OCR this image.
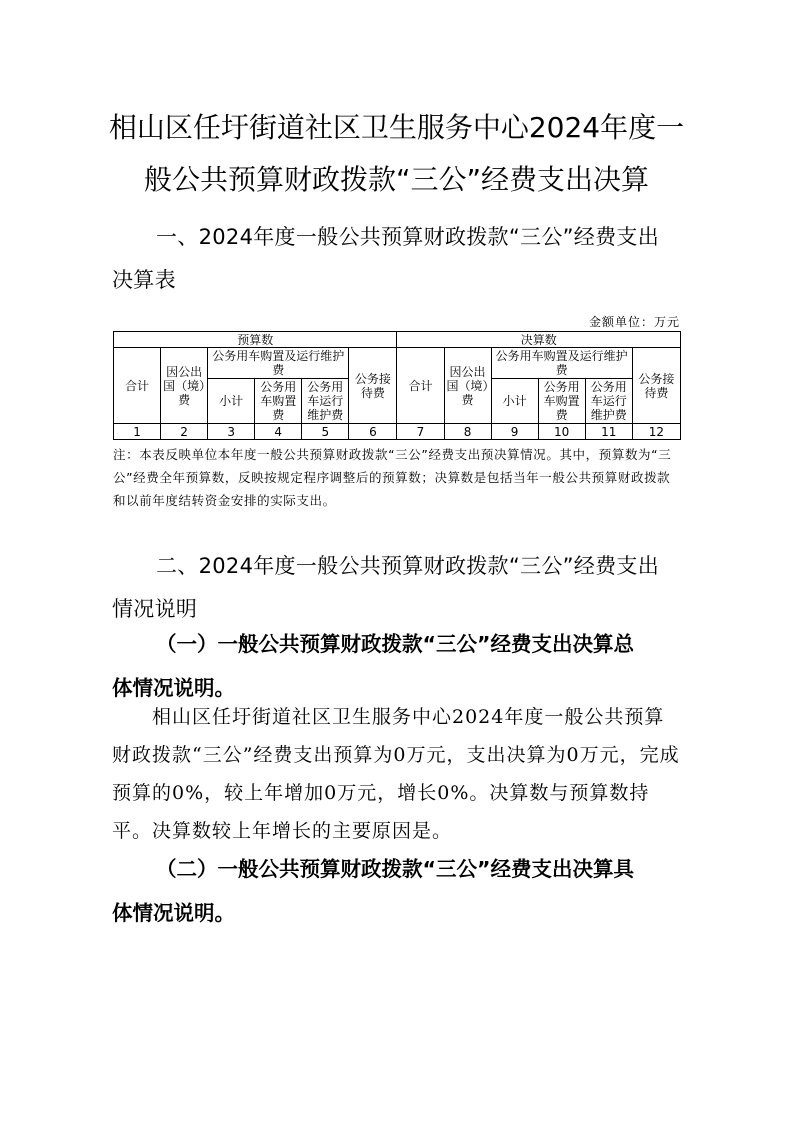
相山区任圩街道社区卫生服务中心2024年度一
般公共预算财政拨款“三公”经费支出决算
一、2024年度一般公共预算财政拨款“三公”经费支出
决算表
金额单位：万元
预算数						决算数					
合计	因公出国（境）费	公务用车购置及运行维护费			公务接待费	合计	因公出国（境）费	公务用车购置及运行维护费			公务接待费
		小计	公务用车购置费	公务用车运行维护费				小计	公务用车购置费	公务用车运行维护费	
1	2	3	4	5	6	7	8	9	10	11	12
注：本表反映单位本年度一般公共预算财政拨款“三公”经费支出预决算情况。其中，预算数为“三公”经费全年预算数，反映按规定程序调整后的预算数；决算数是包括当年一般公共预算财政拨款和以前年度结转资金安排的实际支出。
二、2024年度一般公共预算财政拨款“三公”经费支出
情况说明
（一）一般公共预算财政拨款“三公”经费支出决算总
体情况说明。
相山区任圩街道社区卫生服务中心2024年度一般公共预算财政拨款“三公”经费支出预算为0万元，支出决算为0万元，完成预算的0%，较上年增加0万元，增长0%。决算数与预算数持平。决算数较上年增长的主要原因是。
（二）一般公共预算财政拨款“三公”经费支出决算具
体情况说明。
